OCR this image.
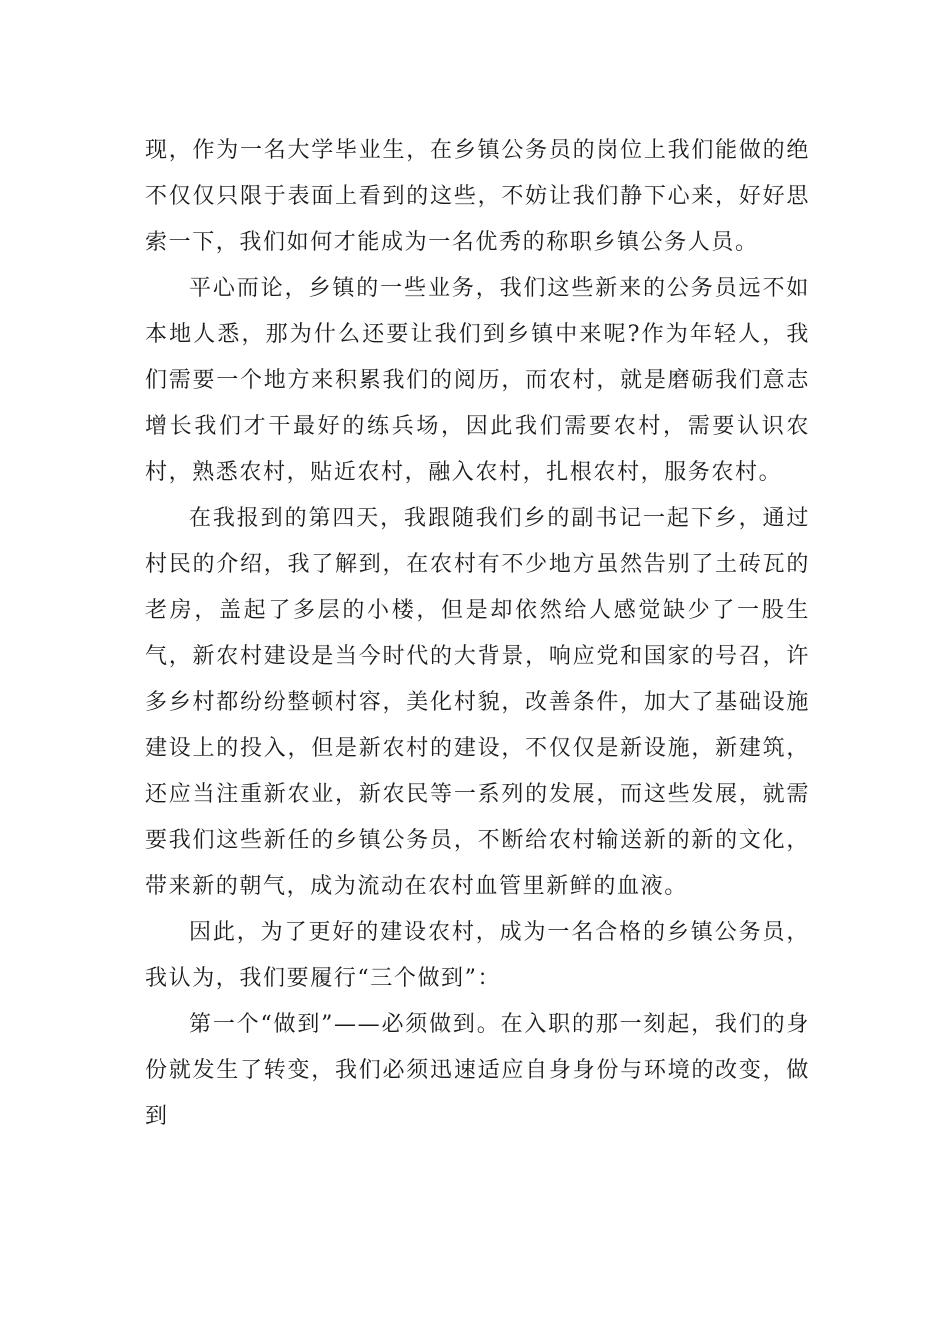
现，作为一名大学毕业生，在乡镇公务员的岗位上我们能做的绝不仅仅只限于表面上看到的这些，不妨让我们静下心来，好好思索一下，我们如何才能成为一名优秀的称职乡镇公务人员。

平心而论，乡镇的一些业务，我们这些新来的公务员远不如本地人悉，那为什么还要让我们到乡镇中来呢?作为年轻人，我们需要一个地方来积累我们的阅历，而农村，就是磨砺我们意志增长我们才干最好的练兵场，因此我们需要农村，需要认识农村，熟悉农村，贴近农村，融入农村，扎根农村，服务农村。

在我报到的第四天，我跟随我们乡的副书记一起下乡，通过村民的介绍，我了解到，在农村有不少地方虽然告别了土砖瓦的老房，盖起了多层的小楼，但是却依然给人感觉缺少了一股生气，新农村建设是当今时代的大背景，响应党和国家的号召，许多乡村都纷纷整顿村容，美化村貌，改善条件，加大了基础设施建设上的投入，但是新农村的建设，不仅仅是新设施，新建筑，还应当注重新农业，新农民等一系列的发展，而这些发展，就需要我们这些新任的乡镇公务员，不断给农村输送新的新的文化，带来新的朝气，成为流动在农村血管里新鲜的血液。

因此，为了更好的建设农村，成为一名合格的乡镇公务员，我认为，我们要履行“三个做到”：

第一个“做到”——必须做到。在入职的那一刻起，我们的身份就发生了转变，我们必须迅速适应自身身份与环境的改变，做到
